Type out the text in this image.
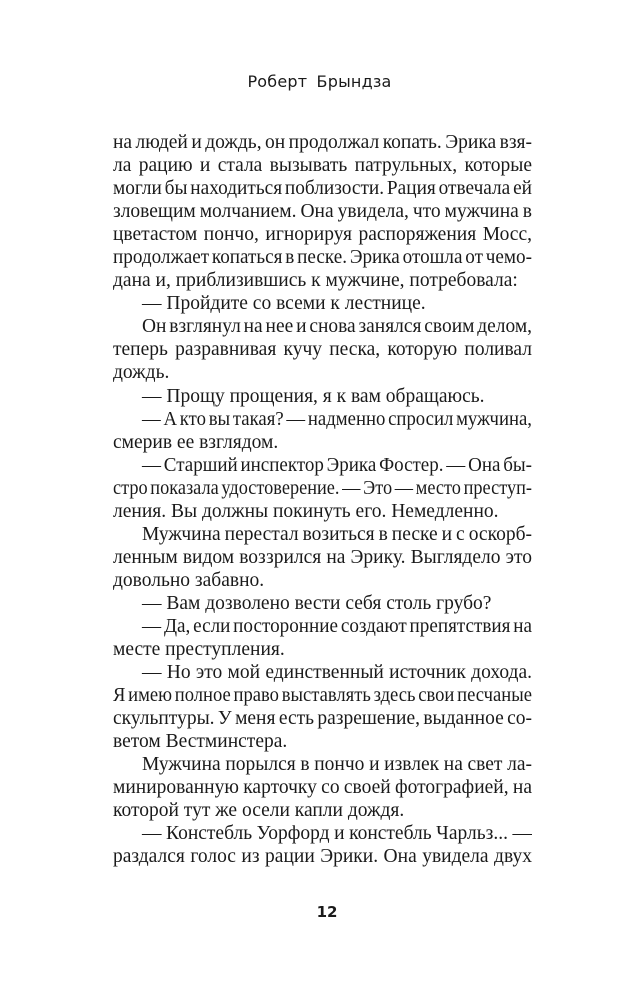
Роберт Брындза
на людей и дождь, он продолжал копать. Эрика взя-
ла рацию и стала вызывать патрульных, которые
могли бы находиться поблизости. Рация отвечала ей
зловещим молчанием. Она увидела, что мужчина в
цветастом пончо, игнорируя распоряжения Мосс,
продолжает копаться в песке. Эрика отошла от чемо-
дана и, приблизившись к мужчине, потребовала:
— Пройдите со всеми к лестнице.
Он взглянул на нее и снова занялся своим делом,
теперь разравнивая кучу песка, которую поливал
дождь.
— Прощу прощения, я к вам обращаюсь.
— А кто вы такая? — надменно спросил мужчина,
смерив ее взглядом.
— Старший инспектор Эрика Фостер. — Она бы-
стро показала удостоверение. — Это — место преступ-
ления. Вы должны покинуть его. Немедленно.
Мужчина перестал возиться в песке и с оскорб-
ленным видом воззрился на Эрику. Выглядело это
довольно забавно.
— Вам дозволено вести себя столь грубо?
— Да, если посторонние создают препятствия на
месте преступления.
— Но это мой единственный источник дохода.
Я имею полное право выставлять здесь свои песчаные
скульптуры. У меня есть разрешение, выданное со-
ветом Вестминстера.
Мужчина порылся в пончо и извлек на свет ла-
минированную карточку со своей фотографией, на
которой тут же осели капли дождя.
— Констебль Уорфорд и констебль Чарльз... —
раздался голос из рации Эрики. Она увидела двух
12
